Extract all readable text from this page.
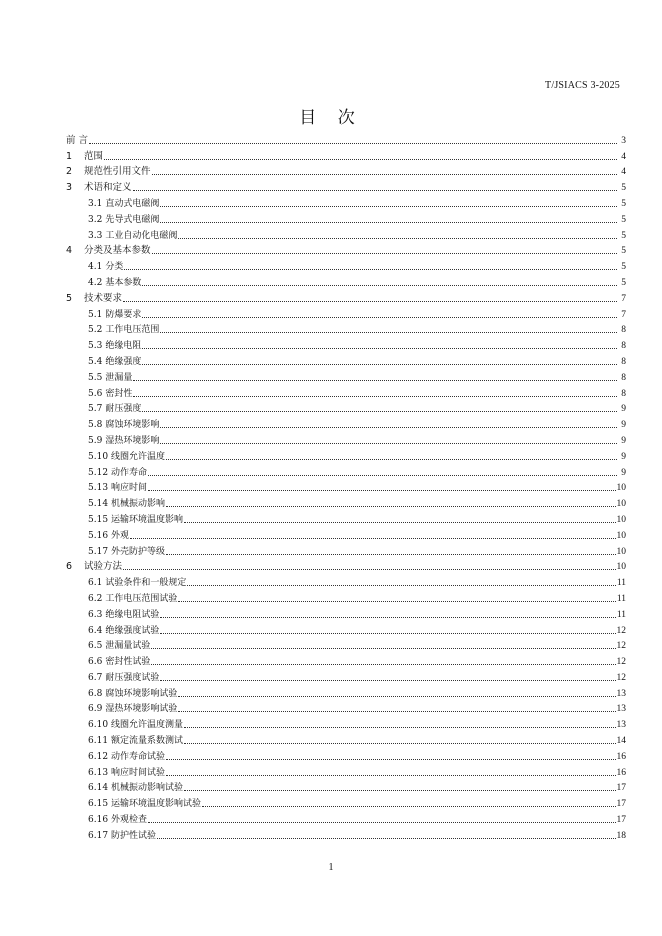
T/JSIACS 3-2025
目 次
前 言	3
1	范围	4
2	规范性引用文件	4
3	术语和定义	5
3.1 直动式电磁阀	5
3.2 先导式电磁阀	5
3.3 工业自动化电磁阀	5
4	分类及基本参数	5
4.1 分类	5
4.2 基本参数	5
5	技术要求	7
5.1 防爆要求	7
5.2 工作电压范围	8
5.3 绝缘电阻	8
5.4 绝缘强度	8
5.5 泄漏量	8
5.6 密封性	8
5.7 耐压强度	9
5.8 腐蚀环境影响	9
5.9 湿热环境影响	9
5.10 线圈允许温度	9
5.12 动作寿命	9
5.13 响应时间	10
5.14 机械振动影响	10
5.15 运输环境温度影响	10
5.16 外观	10
5.17 外壳防护等级	10
6	试验方法	10
6.1 试验条件和一般规定	11
6.2 工作电压范围试验	11
6.3 绝缘电阻试验	11
6.4 绝缘强度试验	12
6.5 泄漏量试验	12
6.6 密封性试验	12
6.7 耐压强度试验	12
6.8 腐蚀环境影响试验	13
6.9 湿热环境影响试验	13
6.10 线圈允许温度测量	13
6.11 额定流量系数测试	14
6.12 动作寿命试验	16
6.13 响应时间试验	16
6.14 机械振动影响试验	17
6.15 运输环境温度影响试验	17
6.16 外观检查	17
6.17 防护性试验	18
1
